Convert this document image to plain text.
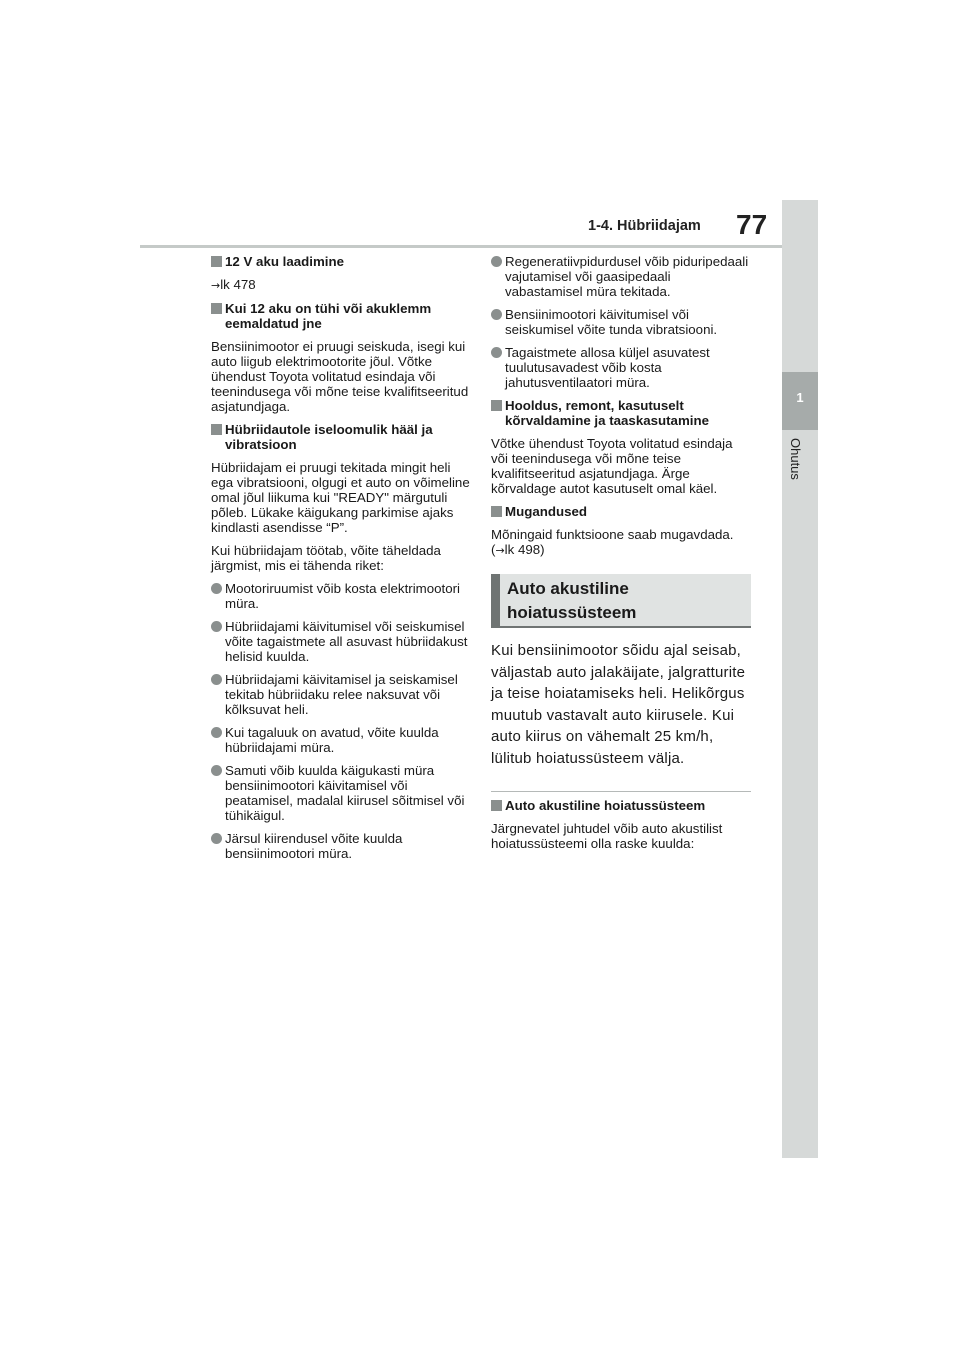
1-4. Hübriidajam 77
1
Ohutus
12 V aku laadimine
→lk 478
Kui 12 aku on tühi või akuklemm eemaldatud jne
Bensiinimootor ei pruugi seiskuda, isegi kui auto liigub elektrimootorite jõul. Võtke ühendust Toyota volitatud esindaja või teenindusega või mõne teise kvalifitseeritud asjatundjaga.
Hübriidautole iseloomulik hääl ja vibratsioon
Hübriidajam ei pruugi tekitada mingit heli ega vibratsiooni, olgugi et auto on võimeline omal jõul liikuma kui "READY" märgutuli põleb. Lükake käigukang parkimise ajaks kindlasti asendisse “P”.
Kui hübriidajam töötab, võite täheldada järgmist, mis ei tähenda riket:
Mootoriruumist võib kosta elektrimootori müra.
Hübriidajami käivitumisel või seiskumisel võite tagaistmete all asuvast hübriidakust helisid kuulda.
Hübriidajami käivitamisel ja seiskamisel tekitab hübriidaku relee naksuvat või kõlksuvat heli.
Kui tagaluuk on avatud, võite kuulda hübriidajami müra.
Samuti võib kuulda käigukasti müra bensiinimootori käivitamisel või peatamisel, madalal kiirusel sõitmisel või tühikäigul.
Järsul kiirendusel võite kuulda bensiinimootori müra.
Regeneratiivpidurdusel võib piduripedaali vajutamisel või gaasipedaali vabastamisel müra tekitada.
Bensiinimootori käivitumisel või seiskumisel võite tunda vibratsiooni.
Tagaistmete allosa küljel asuvatest tuulutusavadest võib kosta jahutusventilaatori müra.
Hooldus, remont, kasutuselt kõrvaldamine ja taaskasutamine
Võtke ühendust Toyota volitatud esindaja või teenindusega või mõne teise kvalifitseeritud asjatundjaga. Ärge kõrvaldage autot kasutuselt omal käel.
Mugandused
Mõningaid funktsioone saab mugavdada. (→lk 498)
Auto akustiline
hoiatussüsteem
Kui bensiinimootor sõidu ajal seisab, väljastab auto jalakäijate, jalgratturite ja teise hoiatamiseks heli. Helikõrgus muutub vastavalt auto kiirusele. Kui auto kiirus on vähemalt 25 km/h, lülitub hoiatussüsteem välja.
Auto akustiline hoiatussüsteem
Järgnevatel juhtudel võib auto akustilist hoiatussüsteemi olla raske kuulda:
